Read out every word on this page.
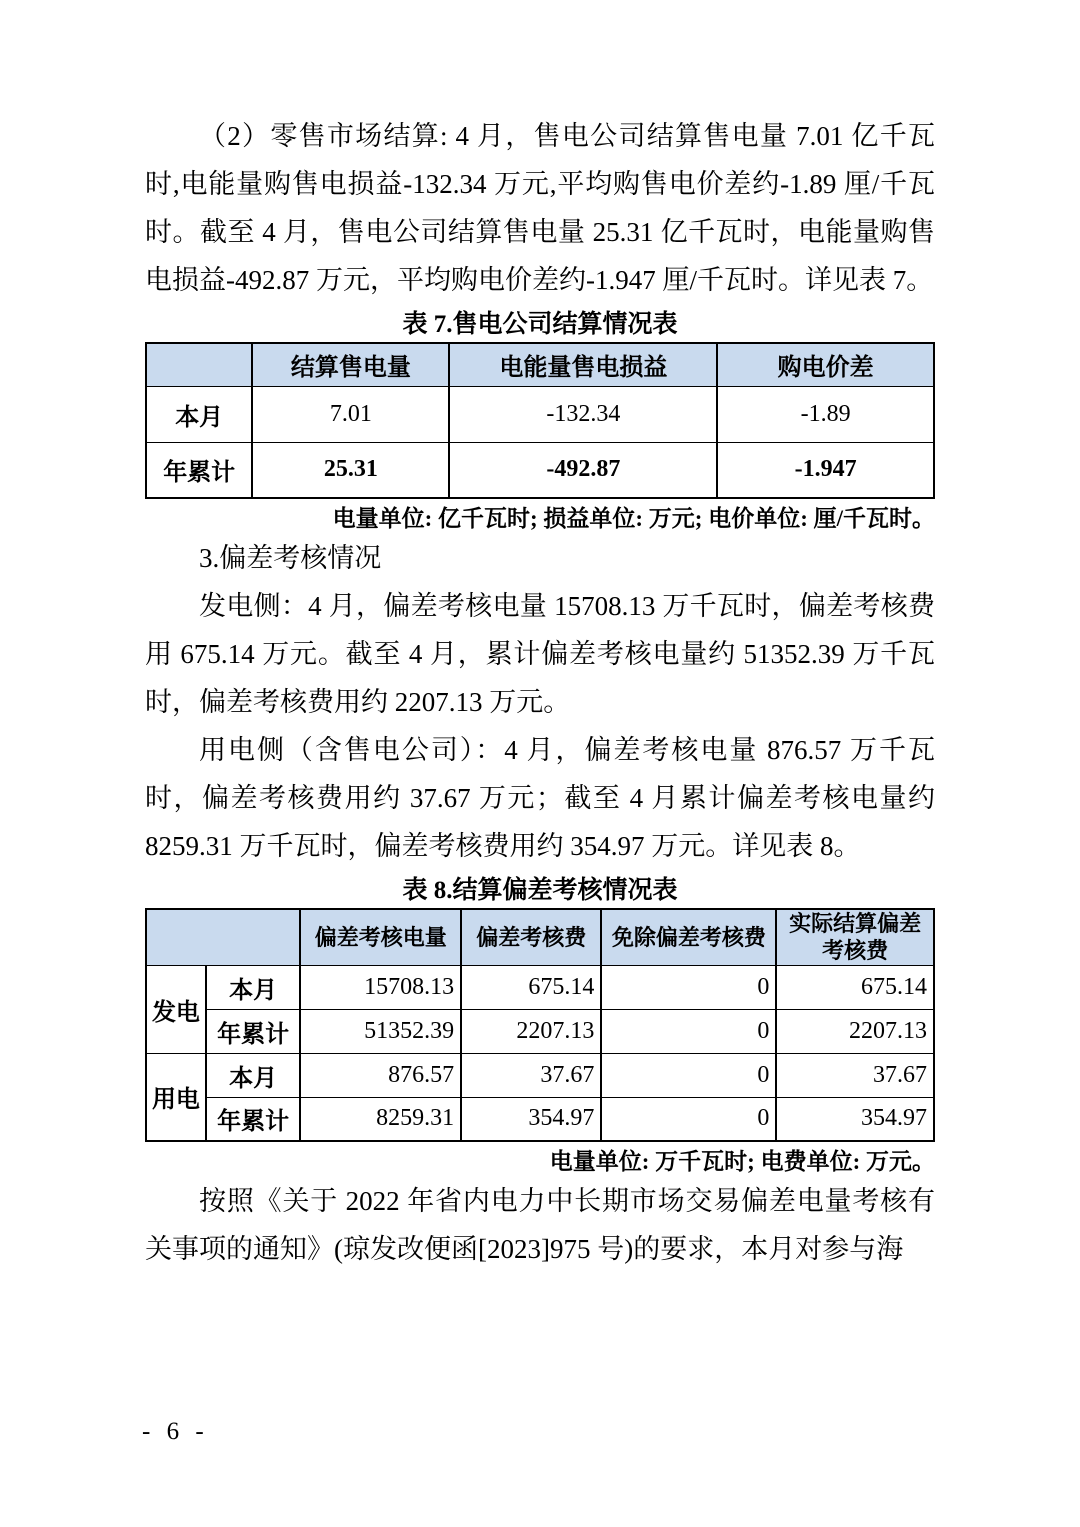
（2）零售市场结算: 4 月，售电公司结算售电量 7.01 亿千瓦时,电能量购售电损益-132.34 万元,平均购售电价差约-1.89 厘/千瓦时。截至 4 月，售电公司结算售电量 25.31 亿千瓦时，电能量购售电损益-492.87 万元，平均购电价差约-1.947 厘/千瓦时。详见表 7。

表 7.售电公司结算情况表

	结算售电量	电能量售电损益	购电价差
本月	7.01	-132.34	-1.89
年累计	25.31	-492.87	-1.947

电量单位: 亿千瓦时; 损益单位: 万元; 电价单位: 厘/千瓦时。

3.偏差考核情况

发电侧：4 月，偏差考核电量 15708.13 万千瓦时，偏差考核费用 675.14 万元。截至 4 月，累计偏差考核电量约 51352.39 万千瓦时，偏差考核费用约 2207.13 万元。

用电侧（含售电公司）：4 月，偏差考核电量 876.57 万千瓦时，偏差考核费用约 37.67 万元；截至 4 月累计偏差考核电量约 8259.31 万千瓦时，偏差考核费用约 354.97 万元。详见表 8。

表 8.结算偏差考核情况表

		偏差考核电量	偏差考核费	免除偏差考核费	实际结算偏差考核费
发电	本月	15708.13	675.14	0	675.14
	年累计	51352.39	2207.13	0	2207.13
用电	本月	876.57	37.67	0	37.67
	年累计	8259.31	354.97	0	354.97

电量单位: 万千瓦时; 电费单位: 万元。

按照《关于 2022 年省内电力中长期市场交易偏差电量考核有关事项的通知》(琼发改便函[2023]975 号)的要求，本月对参与海

- 6 -
